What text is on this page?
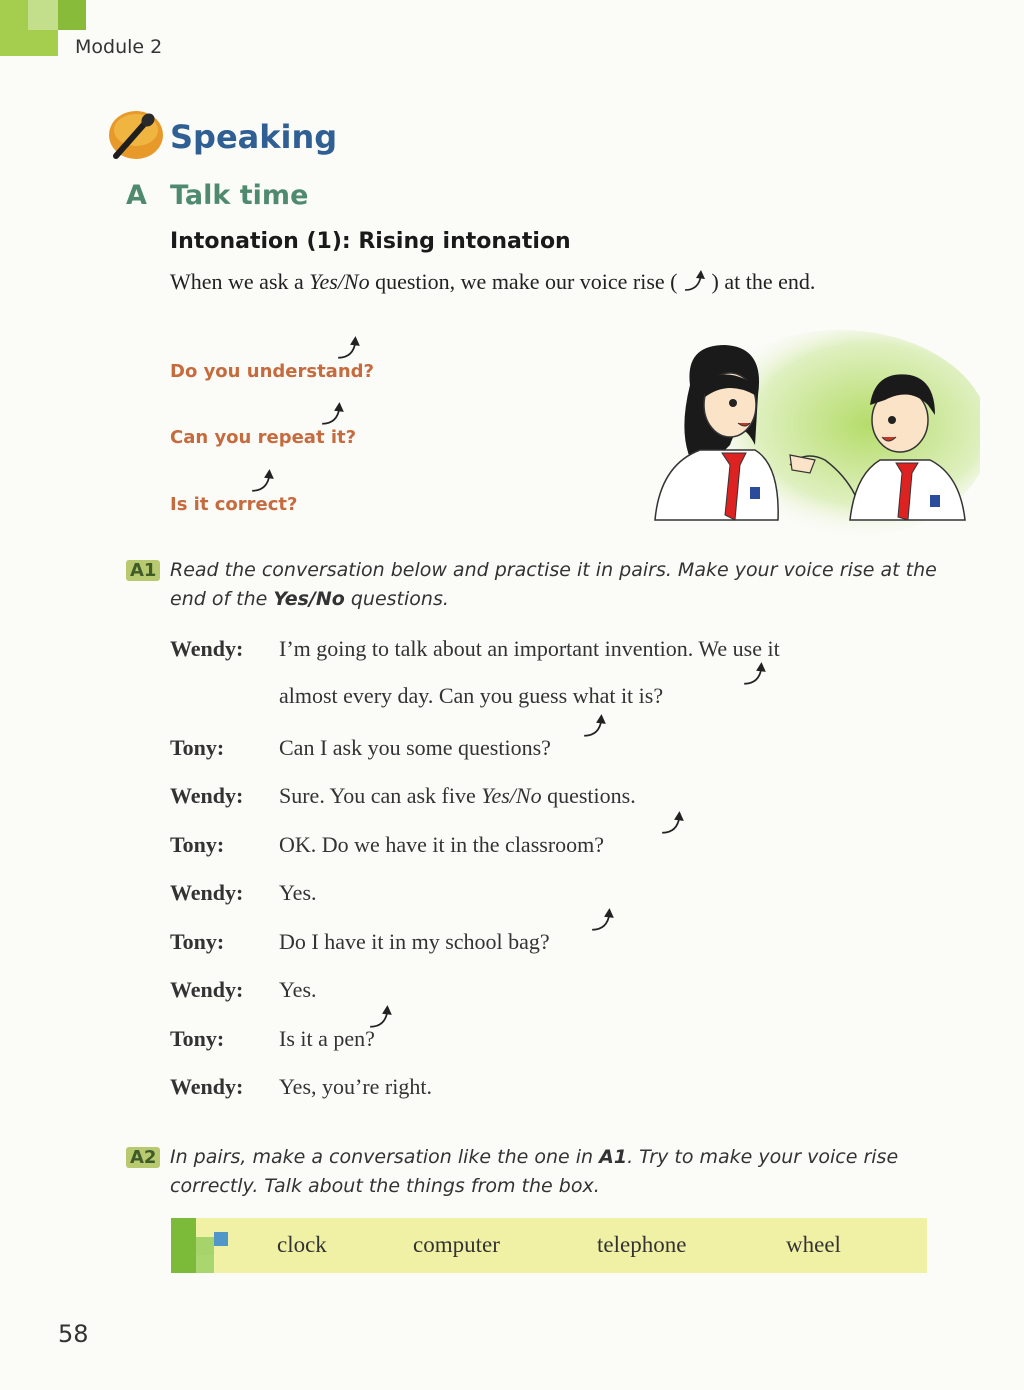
Module 2
Speaking
A Talk time
Intonation (1): Rising intonation
When we ask a Yes/No question, we make our voice rise ( ) at the end.
Do you understand?
Can you repeat it?
Is it correct?
A1 Read the conversation below and practise it in pairs. Make your voice rise at the end of the Yes/No questions.
Wendy: I’m going to talk about an important invention. We use it
almost every day. Can you guess what it is?
Tony: Can I ask you some questions?
Wendy: Sure. You can ask five Yes/No questions.
Tony: OK. Do we have it in the classroom?
Wendy: Yes.
Tony: Do I have it in my school bag?
Wendy: Yes.
Tony: Is it a pen?
Wendy: Yes, you’re right.
A2 In pairs, make a conversation like the one in A1. Try to make your voice rise correctly. Talk about the things from the box.
clock	computer	telephone	wheel
58
